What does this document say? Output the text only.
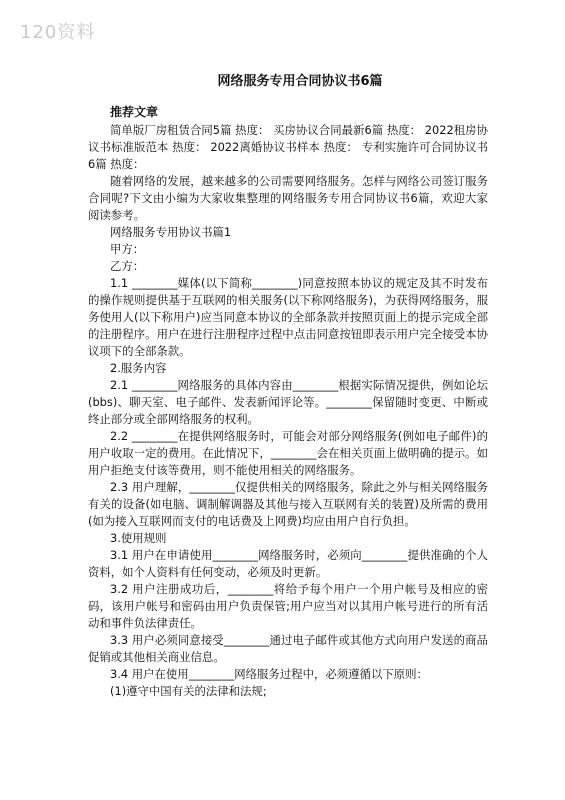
120资料
网络服务专用合同协议书6篇
推荐文章

简单版厂房租赁合同5篇 热度： 买房协议合同最新6篇 热度： 2022租房协议书标准版范本 热度： 2022离婚协议书样本 热度： 专利实施许可合同协议书6篇 热度：

随着网络的发展，越来越多的公司需要网络服务。怎样与网络公司签订服务合同呢?下文由小编为大家收集整理的网络服务专用合同协议书6篇，欢迎大家阅读参考。

网络服务专用协议书篇1

甲方：

乙方：

1.1 ________媒体(以下简称________)同意按照本协议的规定及其不时发布的操作规则提供基于互联网的相关服务(以下称网络服务)，为获得网络服务，服务使用人(以下称用户)应当同意本协议的全部条款并按照页面上的提示完成全部的注册程序。用户在进行注册程序过程中点击同意按钮即表示用户完全接受本协议项下的全部条款。

2.服务内容

2.1 ________网络服务的具体内容由________根据实际情况提供，例如论坛(bbs)、聊天室、电子邮件、发表新闻评论等。________保留随时变更、中断或终止部分或全部网络服务的权利。

2.2 ________在提供网络服务时，可能会对部分网络服务(例如电子邮件)的用户收取一定的费用。在此情况下，________会在相关页面上做明确的提示。如用户拒绝支付该等费用，则不能使用相关的网络服务。

2.3 用户理解，________仅提供相关的网络服务，除此之外与相关网络服务有关的设备(如电脑、调制解调器及其他与接入互联网有关的装置)及所需的费用(如为接入互联网而支付的电话费及上网费)均应由用户自行负担。

3.使用规则

3.1 用户在申请使用________网络服务时，必须向________提供准确的个人资料，如个人资料有任何变动，必须及时更新。

3.2 用户注册成功后，________将给予每个用户一个用户帐号及相应的密码，该用户帐号和密码由用户负责保管;用户应当对以其用户帐号进行的所有活动和事件负法律责任。

3.3 用户必须同意接受________通过电子邮件或其他方式向用户发送的商品促销或其他相关商业信息。

3.4 用户在使用________网络服务过程中，必须遵循以下原则：

(1)遵守中国有关的法律和法规;
